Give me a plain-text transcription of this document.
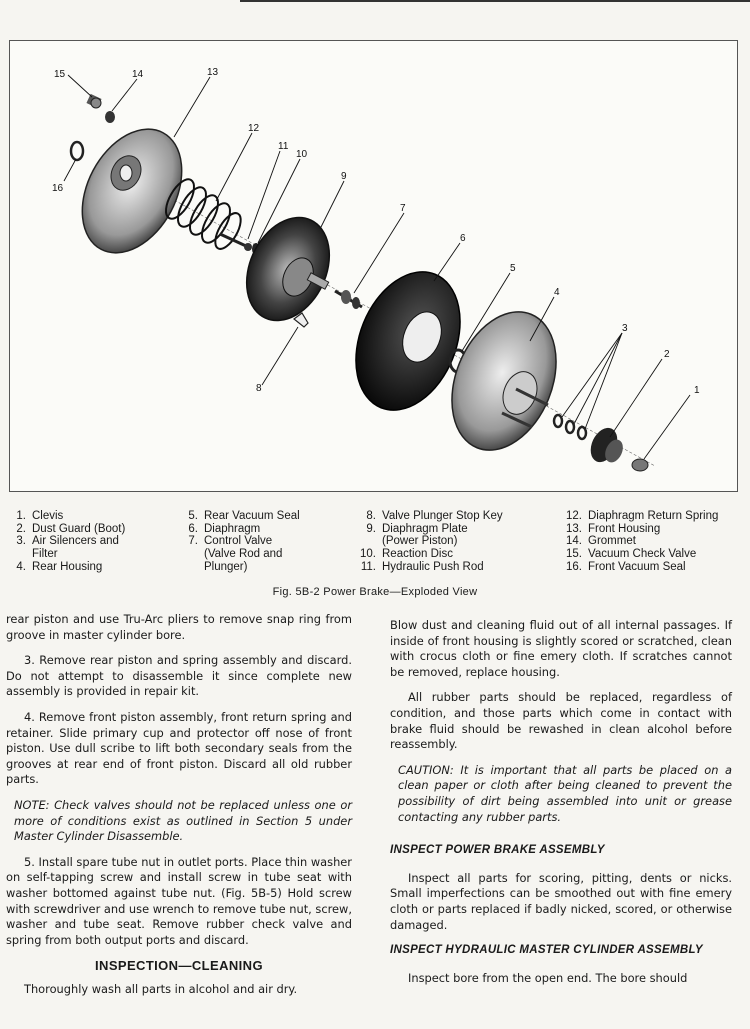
1
2
3
4
5
6
7
8
9
10
11
12
13
14
15
16
1. Clevis
2. Dust Guard (Boot)
3. Air Silencers and
Filter
4. Rear Housing
5. Rear Vacuum Seal
6. Diaphragm
7. Control Valve
(Valve Rod and
Plunger)
8. Valve Plunger Stop Key
9. Diaphragm Plate
(Power Piston)
10. Reaction Disc
11. Hydraulic Push Rod
12. Diaphragm Return Spring
13. Front Housing
14. Grommet
15. Vacuum Check Valve
16. Front Vacuum Seal
Fig. 5B-2 Power Brake—Exploded View

rear piston and use Tru-Arc pliers to remove snap ring from groove in master cylinder bore.

3. Remove rear piston and spring assembly and discard. Do not attempt to disassemble it since complete new assembly is provided in repair kit.

4. Remove front piston assembly, front return spring and retainer. Slide primary cup and protector off nose of front piston. Use dull scribe to lift both secondary seals from the grooves at rear end of front piston. Discard all old rubber parts.

NOTE: Check valves should not be replaced unless one or more of conditions exist as outlined in Section 5 under Master Cylinder Disassemble.

5. Install spare tube nut in outlet ports. Place thin washer on self-tapping screw and install screw in tube seat with washer bottomed against tube nut. (Fig. 5B-5) Hold screw with screwdriver and use wrench to remove tube nut, screw, washer and tube seat. Remove rubber check valve and spring from both output ports and discard.

INSPECTION—CLEANING

Thoroughly wash all parts in alcohol and air dry.

Blow dust and cleaning fluid out of all internal passages. If inside of front housing is slightly scored or scratched, clean with crocus cloth or fine emery cloth. If scratches cannot be removed, replace housing.

All rubber parts should be replaced, regardless of condition, and those parts which come in contact with brake fluid should be rewashed in clean alcohol before reassembly.

CAUTION: It is important that all parts be placed on a clean paper or cloth after being cleaned to prevent the possibility of dirt being assembled into unit or grease contacting any rubber parts.

INSPECT POWER BRAKE ASSEMBLY

Inspect all parts for scoring, pitting, dents or nicks. Small imperfections can be smoothed out with fine emery cloth or parts replaced if badly nicked, scored, or otherwise damaged.

INSPECT HYDRAULIC MASTER CYLINDER ASSEMBLY

Inspect bore from the open end. The bore should
